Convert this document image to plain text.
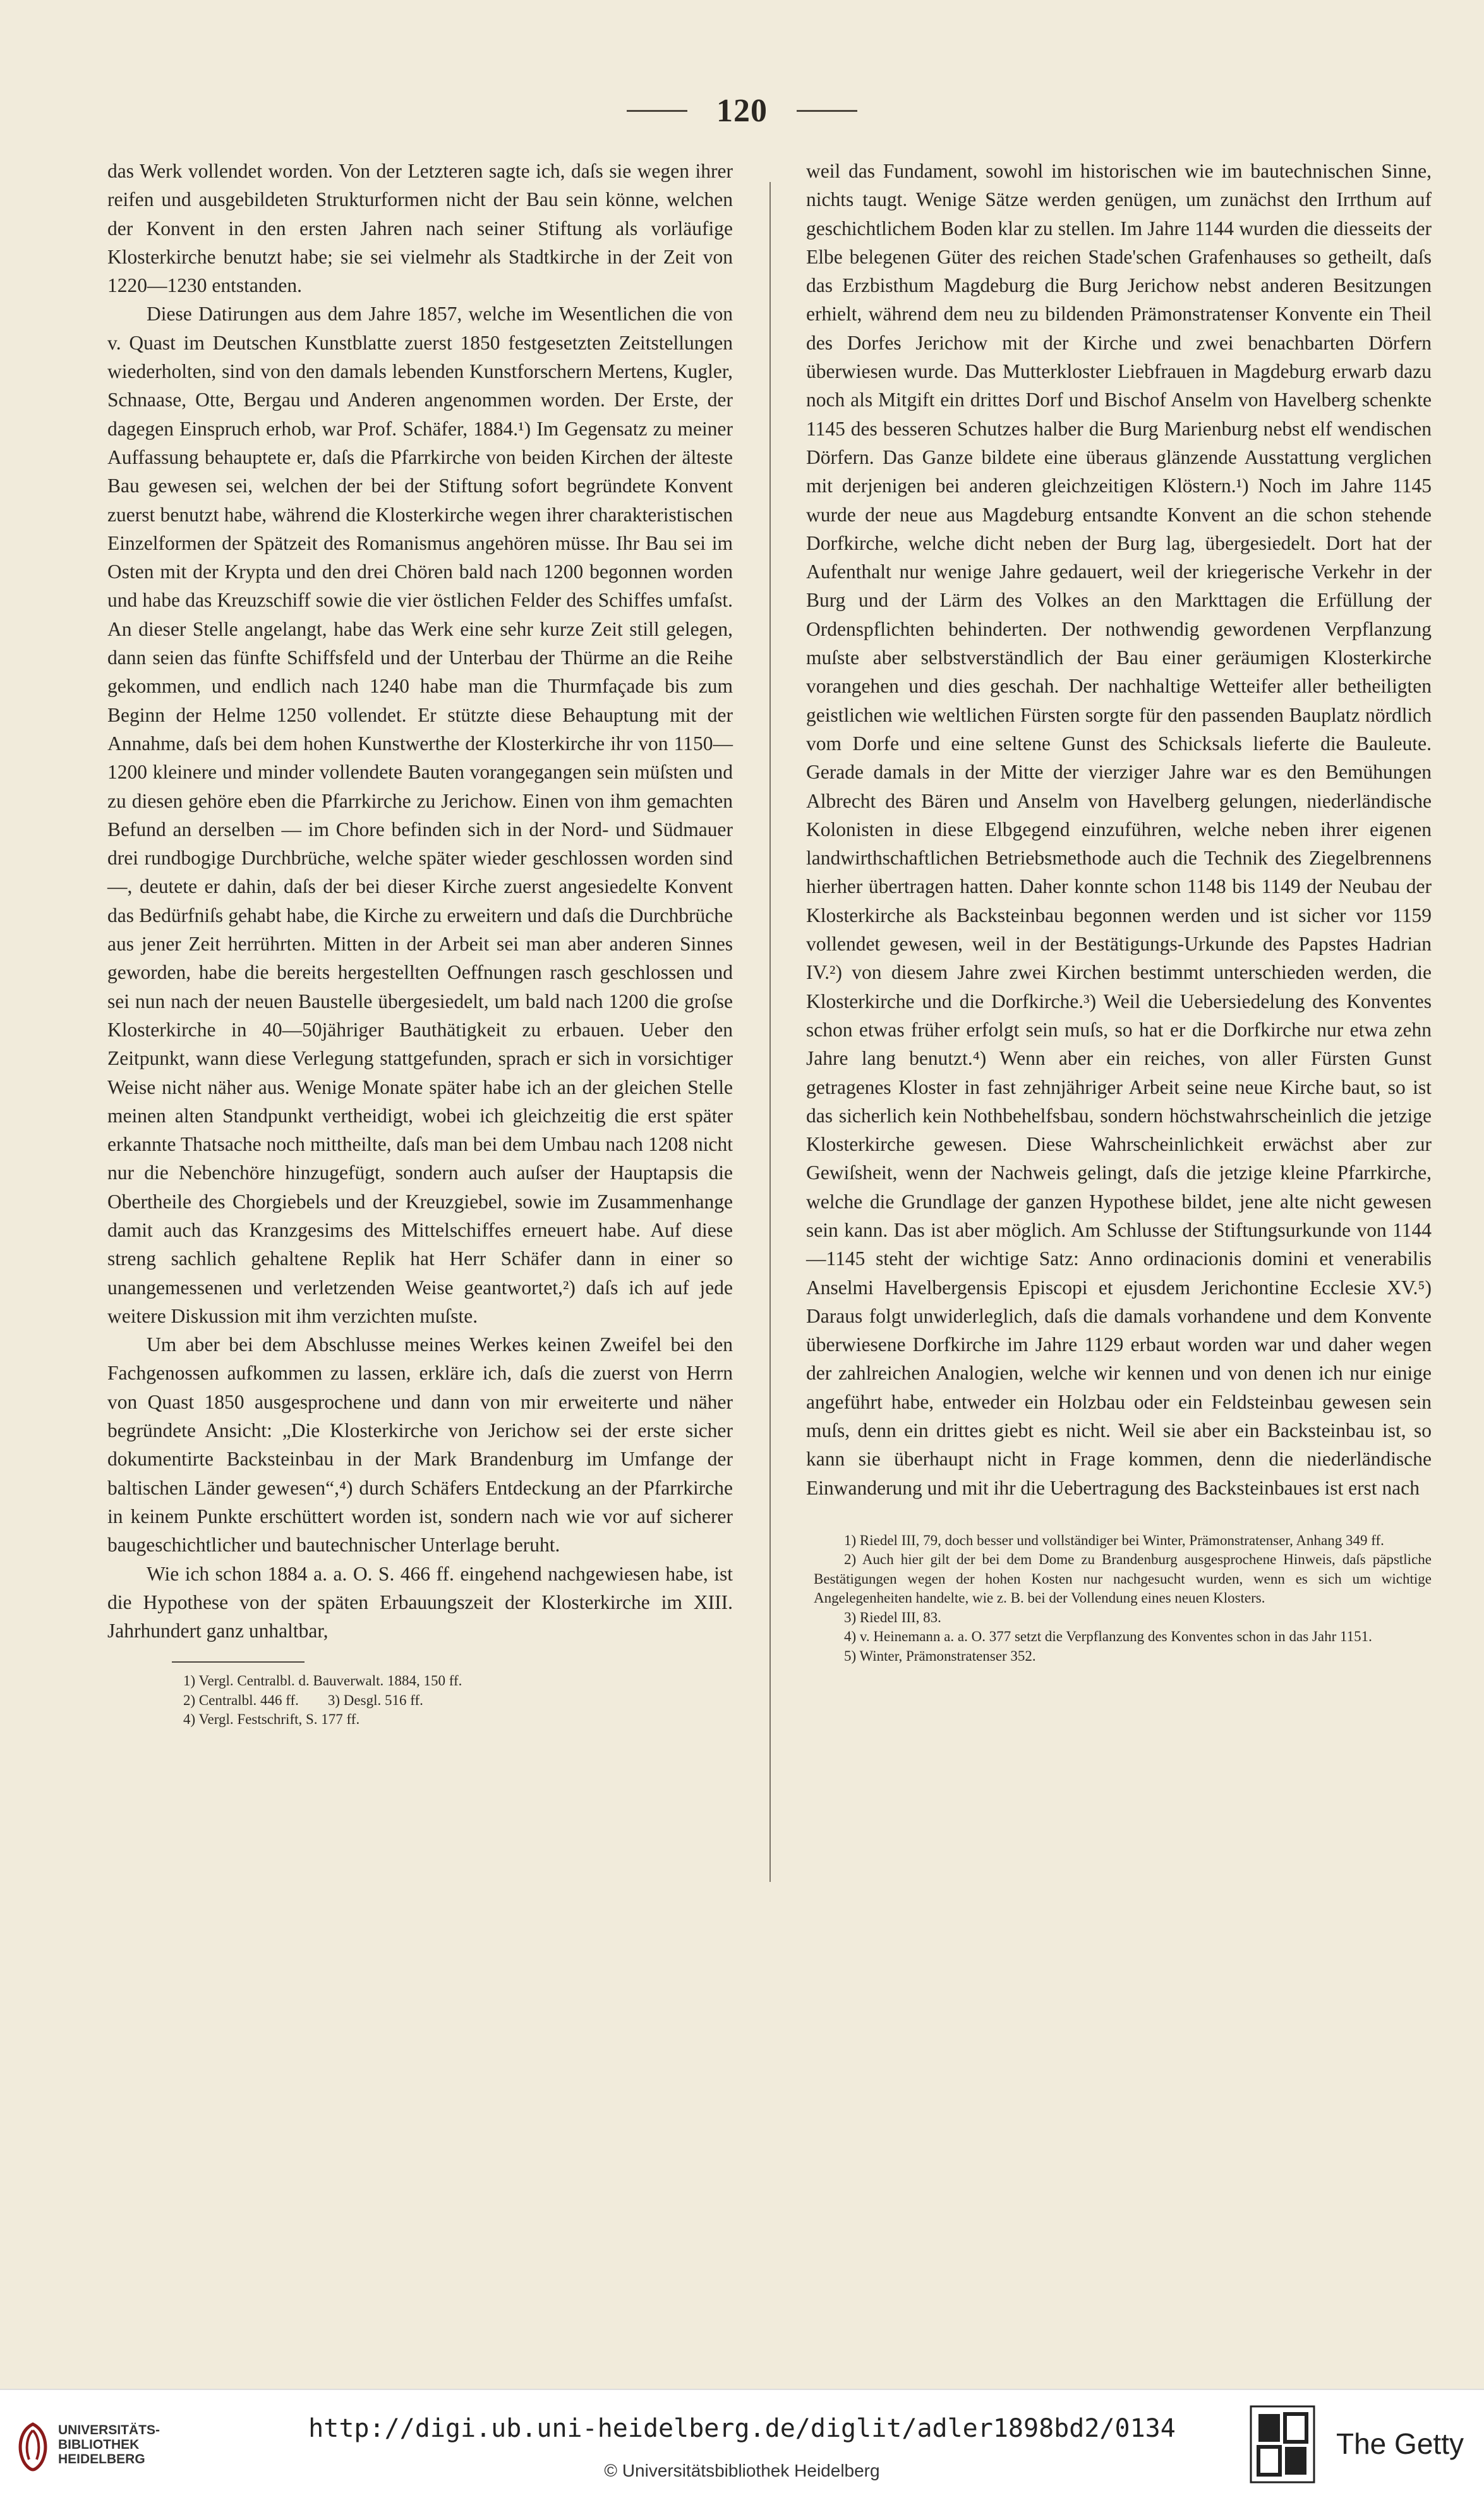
120

das Werk vollendet worden. Von der Letzteren sagte ich, daſs sie wegen ihrer reifen und ausgebildeten Strukturformen nicht der Bau sein könne, welchen der Konvent in den ersten Jahren nach seiner Stiftung als vorläufige Klosterkirche benutzt habe; sie sei vielmehr als Stadtkirche in der Zeit von 1220—1230 entstanden.

Diese Datirungen aus dem Jahre 1857, welche im Wesentlichen die von v. Quast im Deutschen Kunstblatte zuerst 1850 festgesetzten Zeitstellungen wiederholten, sind von den damals lebenden Kunstforschern Mertens, Kugler, Schnaase, Otte, Bergau und Anderen angenommen worden. Der Erste, der dagegen Einspruch erhob, war Prof. Schäfer, 1884.¹) Im Gegensatz zu meiner Auffassung behauptete er, daſs die Pfarrkirche von beiden Kirchen der älteste Bau gewesen sei, welchen der bei der Stiftung sofort begründete Konvent zuerst benutzt habe, während die Klosterkirche wegen ihrer charakteristischen Einzelformen der Spätzeit des Romanismus angehören müsse. Ihr Bau sei im Osten mit der Krypta und den drei Chören bald nach 1200 begonnen worden und habe das Kreuzschiff sowie die vier östlichen Felder des Schiffes umfaſst. An dieser Stelle angelangt, habe das Werk eine sehr kurze Zeit still gelegen, dann seien das fünfte Schiffsfeld und der Unterbau der Thürme an die Reihe gekommen, und endlich nach 1240 habe man die Thurmfaçade bis zum Beginn der Helme 1250 vollendet. Er stützte diese Behauptung mit der Annahme, daſs bei dem hohen Kunstwerthe der Klosterkirche ihr von 1150—1200 kleinere und minder vollendete Bauten vorangegangen sein müſsten und zu diesen gehöre eben die Pfarrkirche zu Jerichow. Einen von ihm gemachten Befund an derselben — im Chore befinden sich in der Nord- und Südmauer drei rundbogige Durchbrüche, welche später wieder geschlossen worden sind —, deutete er dahin, daſs der bei dieser Kirche zuerst angesiedelte Konvent das Bedürfniſs gehabt habe, die Kirche zu erweitern und daſs die Durchbrüche aus jener Zeit herrührten. Mitten in der Arbeit sei man aber anderen Sinnes geworden, habe die bereits hergestellten Oeffnungen rasch geschlossen und sei nun nach der neuen Baustelle übergesiedelt, um bald nach 1200 die groſse Klosterkirche in 40—50jähriger Bauthätigkeit zu erbauen. Ueber den Zeitpunkt, wann diese Verlegung stattgefunden, sprach er sich in vorsichtiger Weise nicht näher aus. Wenige Monate später habe ich an der gleichen Stelle meinen alten Standpunkt vertheidigt, wobei ich gleichzeitig die erst später erkannte Thatsache noch mittheilte, daſs man bei dem Umbau nach 1208 nicht nur die Nebenchöre hinzugefügt, sondern auch auſser der Hauptapsis die Obertheile des Chorgiebels und der Kreuzgiebel, sowie im Zusammenhange damit auch das Kranzgesims des Mittelschiffes erneuert habe. Auf diese streng sachlich gehaltene Replik hat Herr Schäfer dann in einer so unangemessenen und verletzenden Weise geantwortet,²) daſs ich auf jede weitere Diskussion mit ihm verzichten muſste.

Um aber bei dem Abschlusse meines Werkes keinen Zweifel bei den Fachgenossen aufkommen zu lassen, erkläre ich, daſs die zuerst von Herrn von Quast 1850 ausgesprochene und dann von mir erweiterte und näher begründete Ansicht: „Die Klosterkirche von Jerichow sei der erste sicher dokumentirte Backsteinbau in der Mark Brandenburg im Umfange der baltischen Länder gewesen“,⁴) durch Schäfers Entdeckung an der Pfarrkirche in keinem Punkte erschüttert worden ist, sondern nach wie vor auf sicherer baugeschichtlicher und bautechnischer Unterlage beruht.

Wie ich schon 1884 a. a. O. S. 466 ff. eingehend nachgewiesen habe, ist die Hypothese von der späten Erbauungszeit der Klosterkirche im XIII. Jahrhundert ganz unhaltbar,

1) Vergl. Centralbl. d. Bauverwalt. 1884, 150 ff.

2) Centralbl. 446 ff.        3) Desgl. 516 ff.

4) Vergl. Festschrift, S. 177 ff.

weil das Fundament, sowohl im historischen wie im bautechnischen Sinne, nichts taugt. Wenige Sätze werden genügen, um zunächst den Irrthum auf geschichtlichem Boden klar zu stellen. Im Jahre 1144 wurden die diesseits der Elbe belegenen Güter des reichen Stade'schen Grafenhauses so getheilt, daſs das Erzbisthum Magdeburg die Burg Jerichow nebst anderen Besitzungen erhielt, während dem neu zu bildenden Prämonstratenser Konvente ein Theil des Dorfes Jerichow mit der Kirche und zwei benachbarten Dörfern überwiesen wurde. Das Mutterkloster Liebfrauen in Magdeburg erwarb dazu noch als Mitgift ein drittes Dorf und Bischof Anselm von Havelberg schenkte 1145 des besseren Schutzes halber die Burg Marienburg nebst elf wendischen Dörfern. Das Ganze bildete eine überaus glänzende Ausstattung verglichen mit derjenigen bei anderen gleichzeitigen Klöstern.¹) Noch im Jahre 1145 wurde der neue aus Magdeburg entsandte Konvent an die schon stehende Dorfkirche, welche dicht neben der Burg lag, übergesiedelt. Dort hat der Aufenthalt nur wenige Jahre gedauert, weil der kriegerische Verkehr in der Burg und der Lärm des Volkes an den Markttagen die Erfüllung der Ordenspflichten behinderten. Der nothwendig gewordenen Verpflanzung muſste aber selbstverständlich der Bau einer geräumigen Klosterkirche vorangehen und dies geschah. Der nachhaltige Wetteifer aller betheiligten geistlichen wie weltlichen Fürsten sorgte für den passenden Bauplatz nördlich vom Dorfe und eine seltene Gunst des Schicksals lieferte die Bauleute. Gerade damals in der Mitte der vierziger Jahre war es den Bemühungen Albrecht des Bären und Anselm von Havelberg gelungen, niederländische Kolonisten in diese Elbgegend einzuführen, welche neben ihrer eigenen landwirthschaftlichen Betriebsmethode auch die Technik des Ziegelbrennens hierher übertragen hatten. Daher konnte schon 1148 bis 1149 der Neubau der Klosterkirche als Backsteinbau begonnen werden und ist sicher vor 1159 vollendet gewesen, weil in der Bestätigungs-Urkunde des Papstes Hadrian IV.²) von diesem Jahre zwei Kirchen bestimmt unterschieden werden, die Klosterkirche und die Dorfkirche.³) Weil die Uebersiedelung des Konventes schon etwas früher erfolgt sein muſs, so hat er die Dorfkirche nur etwa zehn Jahre lang benutzt.⁴) Wenn aber ein reiches, von aller Fürsten Gunst getragenes Kloster in fast zehnjähriger Arbeit seine neue Kirche baut, so ist das sicherlich kein Nothbehelfsbau, sondern höchstwahrscheinlich die jetzige Klosterkirche gewesen. Diese Wahrscheinlichkeit erwächst aber zur Gewiſsheit, wenn der Nachweis gelingt, daſs die jetzige kleine Pfarrkirche, welche die Grundlage der ganzen Hypothese bildet, jene alte nicht gewesen sein kann. Das ist aber möglich. Am Schlusse der Stiftungsurkunde von 1144—1145 steht der wichtige Satz: Anno ordinacionis domini et venerabilis Anselmi Havelbergensis Episcopi et ejusdem Jerichontine Ecclesie XV.⁵) Daraus folgt unwiderleglich, daſs die damals vorhandene und dem Konvente überwiesene Dorfkirche im Jahre 1129 erbaut worden war und daher wegen der zahlreichen Analogien, welche wir kennen und von denen ich nur einige angeführt habe, entweder ein Holzbau oder ein Feldsteinbau gewesen sein muſs, denn ein drittes giebt es nicht. Weil sie aber ein Backsteinbau ist, so kann sie überhaupt nicht in Frage kommen, denn die niederländische Einwanderung und mit ihr die Uebertragung des Backsteinbaues ist erst nach

1) Riedel III, 79, doch besser und vollständiger bei Winter, Prämonstratenser, Anhang 349 ff.

2) Auch hier gilt der bei dem Dome zu Brandenburg ausgesprochene Hinweis, daſs päpstliche Bestätigungen wegen der hohen Kosten nur nachgesucht wurden, wenn es sich um wichtige Angelegenheiten handelte, wie z. B. bei der Vollendung eines neuen Klosters.

3) Riedel III, 83.

4) v. Heinemann a. a. O. 377 setzt die Verpflanzung des Konventes schon in das Jahr 1151.

5) Winter, Prämonstratenser 352.

UNIVERSITÄTS-
BIBLIOTHEK
HEIDELBERG
http://digi.ub.uni-heidelberg.de/diglit/adler1898bd2/0134
© Universitätsbibliothek Heidelberg
The Getty
